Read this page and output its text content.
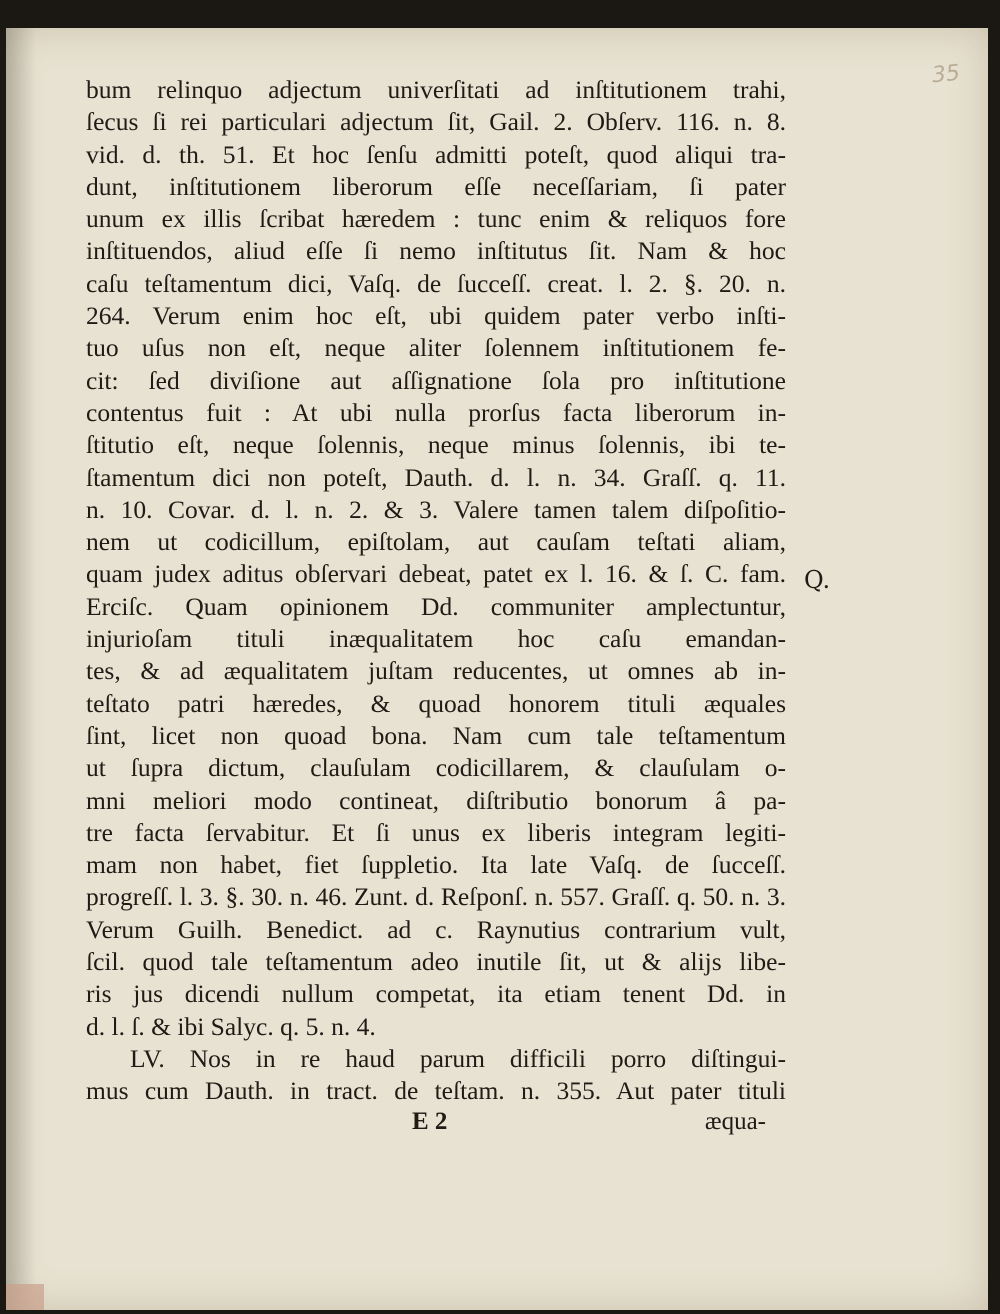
35
Q.
bum relinquo adjectum univerſitati ad inſtitutionem trahi,
ſecus ſi rei particulari adjectum ſit, Gail. 2. Obſerv. 116. n. 8.
vid. d. th. 51. Et hoc ſenſu admitti poteſt, quod aliqui tra-
dunt, inſtitutionem liberorum eſſe neceſſariam, ſi pater
unum ex illis ſcribat hæredem : tunc enim & reliquos fore
inſtituendos, aliud eſſe ſi nemo inſtitutus ſit. Nam & hoc
caſu teſtamentum dici, Vaſq. de ſucceſſ. creat. l. 2. §. 20. n.
264. Verum enim hoc eſt, ubi quidem pater verbo inſti-
tuo uſus non eſt, neque aliter ſolennem inſtitutionem fe-
cit: ſed diviſione aut aſſignatione ſola pro inſtitutione
contentus fuit : At ubi nulla prorſus facta liberorum in-
ſtitutio eſt, neque ſolennis, neque minus ſolennis, ibi te-
ſtamentum dici non poteſt, Dauth. d. l. n. 34. Graſſ. q. 11.
n. 10. Covar. d. l. n. 2. & 3. Valere tamen talem diſpoſitio-
nem ut codicillum, epiſtolam, aut cauſam teſtati aliam,
quam judex aditus obſervari debeat, patet ex l. 16. & ſ. C. fam.
Erciſc. Quam opinionem Dd. communiter amplectuntur,
injurioſam tituli inæqualitatem hoc caſu emandan-
tes, & ad æqualitatem juſtam reducentes, ut omnes ab in-
teſtato patri hæredes, & quoad honorem tituli æquales
ſint, licet non quoad bona. Nam cum tale teſtamentum
ut ſupra dictum, clauſulam codicillarem, & clauſulam o-
mni meliori modo contineat, diſtributio bonorum â pa-
tre facta ſervabitur. Et ſi unus ex liberis integram legiti-
mam non habet, fiet ſuppletio. Ita late Vaſq. de ſucceſſ.
progreſſ. l. 3. §. 30. n. 46. Zunt. d. Reſponſ. n. 557. Graſſ. q. 50. n. 3.
Verum Guilh. Benedict. ad c. Raynutius contrarium vult,
ſcil. quod tale teſtamentum adeo inutile ſit, ut & alijs libe-
ris jus dicendi nullum competat, ita etiam tenent Dd. in
d. l. ſ. & ibi Salyc. q. 5. n. 4.
LV. Nos in re haud parum difficili porro diſtingui-
mus cum Dauth. in tract. de teſtam. n. 355. Aut pater tituli
E 2	æqua-
